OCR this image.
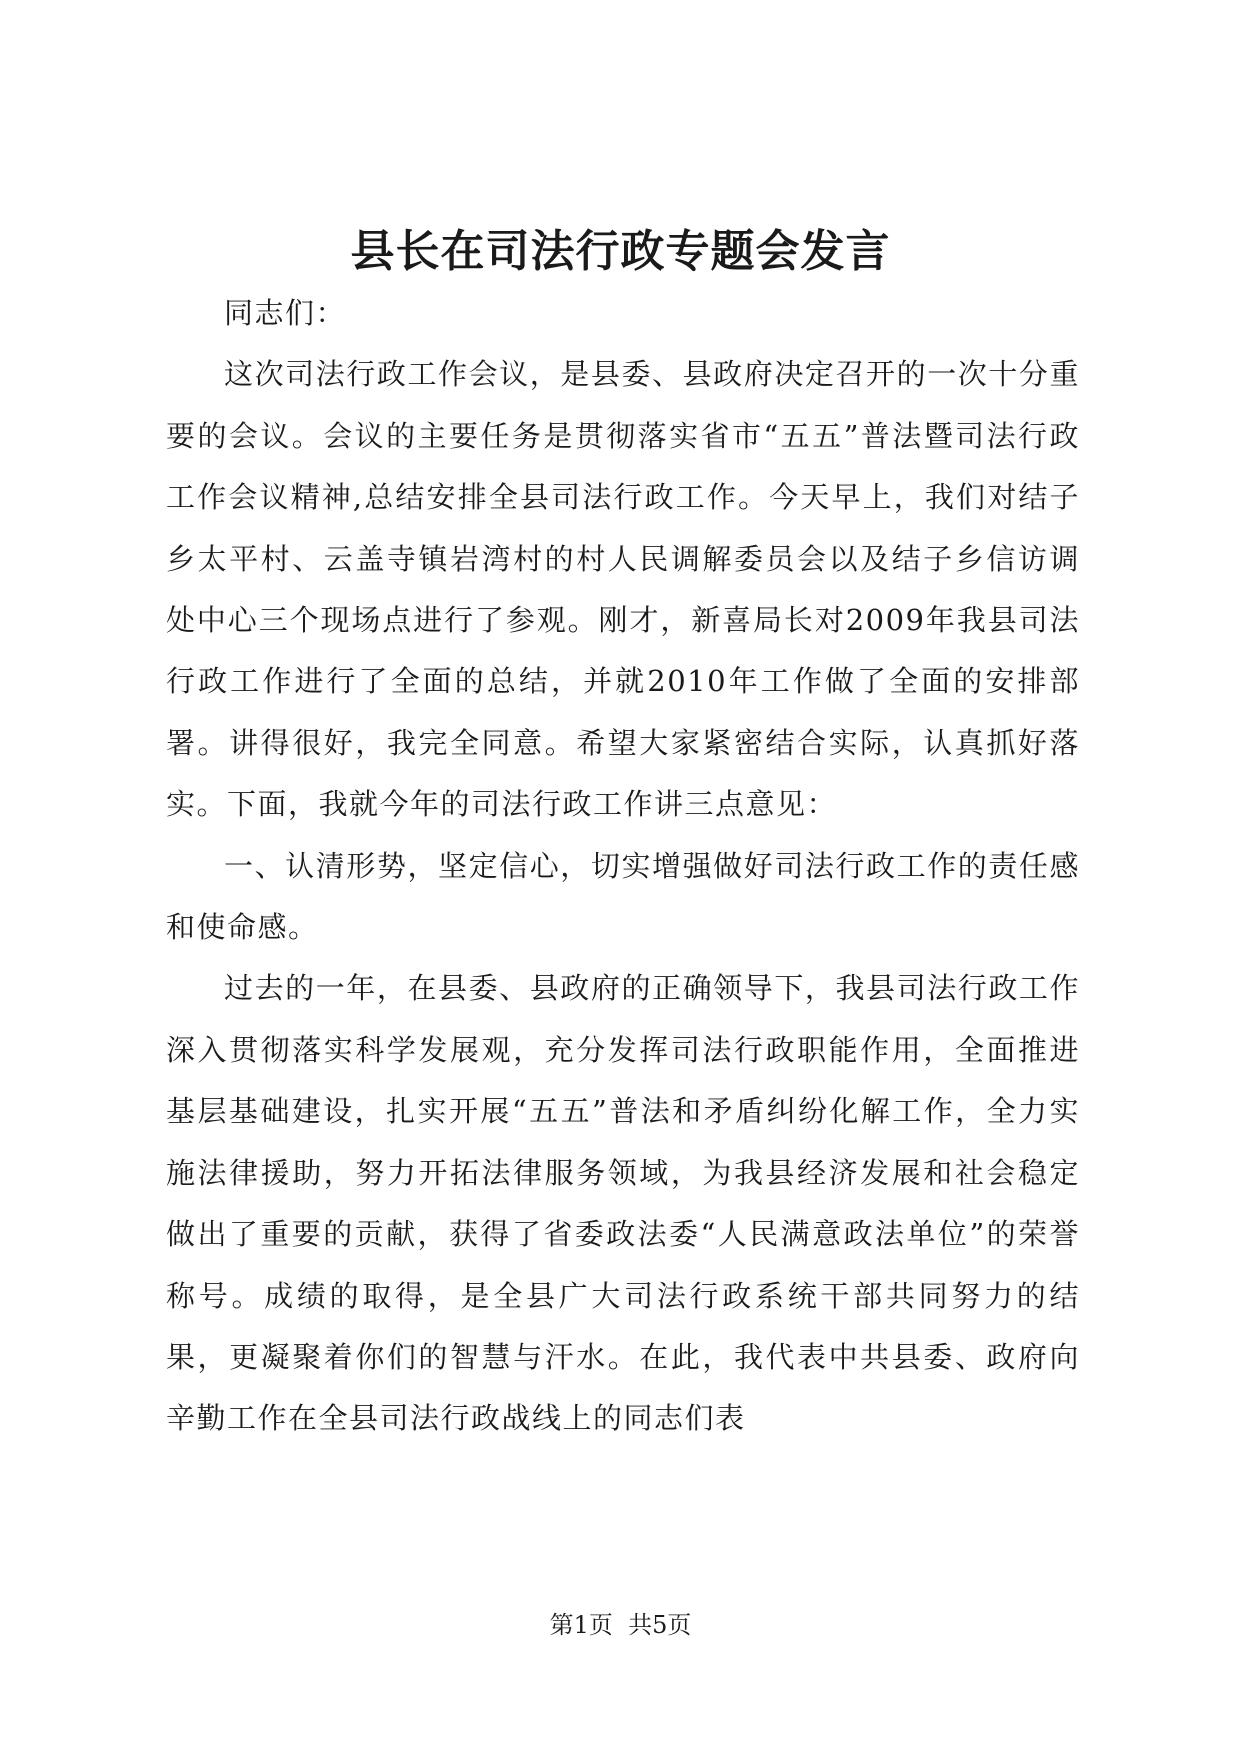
县长在司法行政专题会发言

同志们：

这次司法行政工作会议，是县委、县政府决定召开的一次十分重要的会议。会议的主要任务是贯彻落实省市“五五”普法暨司法行政工作会议精神,总结安排全县司法行政工作。今天早上，我们对结子乡太平村、云盖寺镇岩湾村的村人民调解委员会以及结子乡信访调处中心三个现场点进行了参观。刚才，新喜局长对2009年我县司法行政工作进行了全面的总结，并就2010年工作做了全面的安排部署。讲得很好，我完全同意。希望大家紧密结合实际，认真抓好落实。下面，我就今年的司法行政工作讲三点意见：

一、认清形势，坚定信心，切实增强做好司法行政工作的责任感和使命感。

过去的一年，在县委、县政府的正确领导下，我县司法行政工作深入贯彻落实科学发展观，充分发挥司法行政职能作用，全面推进基层基础建设，扎实开展“五五”普法和矛盾纠纷化解工作，全力实施法律援助，努力开拓法律服务领域，为我县经济发展和社会稳定做出了重要的贡献，获得了省委政法委“人民满意政法单位”的荣誉称号。成绩的取得，是全县广大司法行政系统干部共同努力的结果，更凝聚着你们的智慧与汗水。在此，我代表中共县委、政府向辛勤工作在全县司法行政战线上的同志们表

第1页  共5页
